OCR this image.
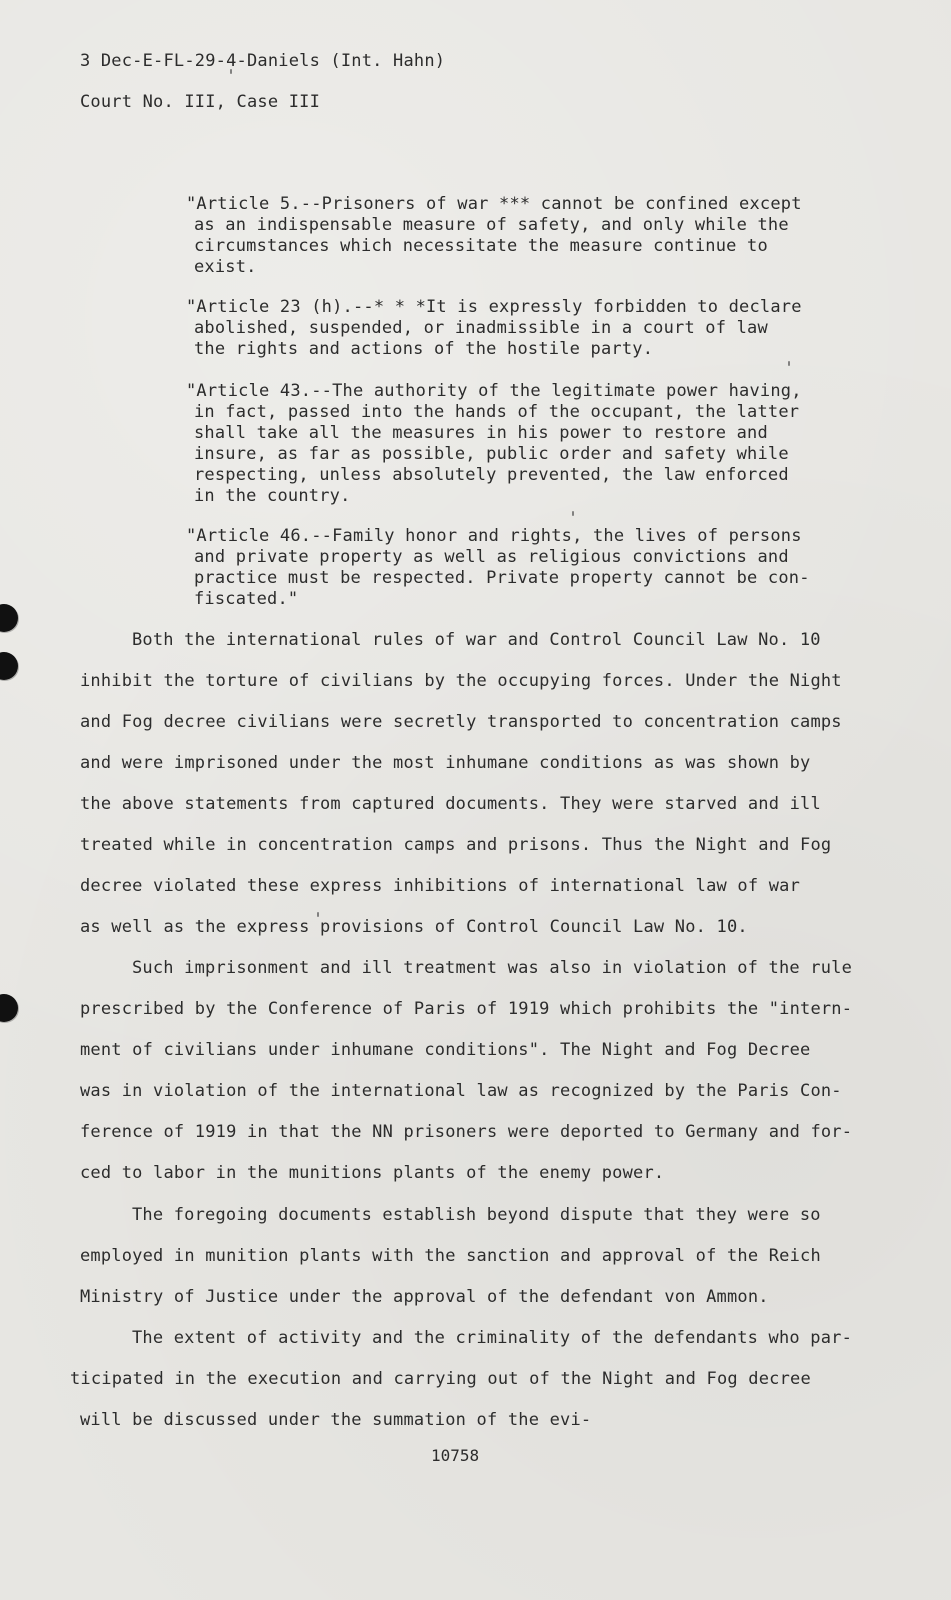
3 Dec-E-FL-29-4-Daniels (Int. Hahn)
Court No. III, Case III
"Article 5.--Prisoners of war *** cannot be confined except
as an indispensable measure of safety, and only while the
circumstances which necessitate the measure continue to
exist.
"Article 23 (h).--* * *It is expressly forbidden to declare
abolished, suspended, or inadmissible in a court of law
the rights and actions of the hostile party.
"Article 43.--The authority of the legitimate power having,
in fact, passed into the hands of the occupant, the latter
shall take all the measures in his power to restore and
insure, as far as possible, public order and safety while
respecting, unless absolutely prevented, the law enforced
in the country.
"Article 46.--Family honor and rights, the lives of persons
and private property as well as religious convictions and
practice must be respected. Private property cannot be con-
fiscated."
Both the international rules of war and Control Council Law No. 10
inhibit the torture of civilians by the occupying forces. Under the Night
and Fog decree civilians were secretly transported to concentration camps
and were imprisoned under the most inhumane conditions as was shown by
the above statements from captured documents. They were starved and ill
treated while in concentration camps and prisons. Thus the Night and Fog
decree violated these express inhibitions of international law of war
as well as the express provisions of Control Council Law No. 10.
Such imprisonment and ill treatment was also in violation of the rule
prescribed by the Conference of Paris of 1919 which prohibits the "intern-
ment of civilians under inhumane conditions". The Night and Fog Decree
was in violation of the international law as recognized by the Paris Con-
ference of 1919 in that the NN prisoners were deported to Germany and for-
ced to labor in the munitions plants of the enemy power.
The foregoing documents establish beyond dispute that they were so
employed in munition plants with the sanction and approval of the Reich
Ministry of Justice under the approval of the defendant von Ammon.
The extent of activity and the criminality of the defendants who par-
ticipated in the execution and carrying out of the Night and Fog decree
will be discussed under the summation of the evi-
10758
